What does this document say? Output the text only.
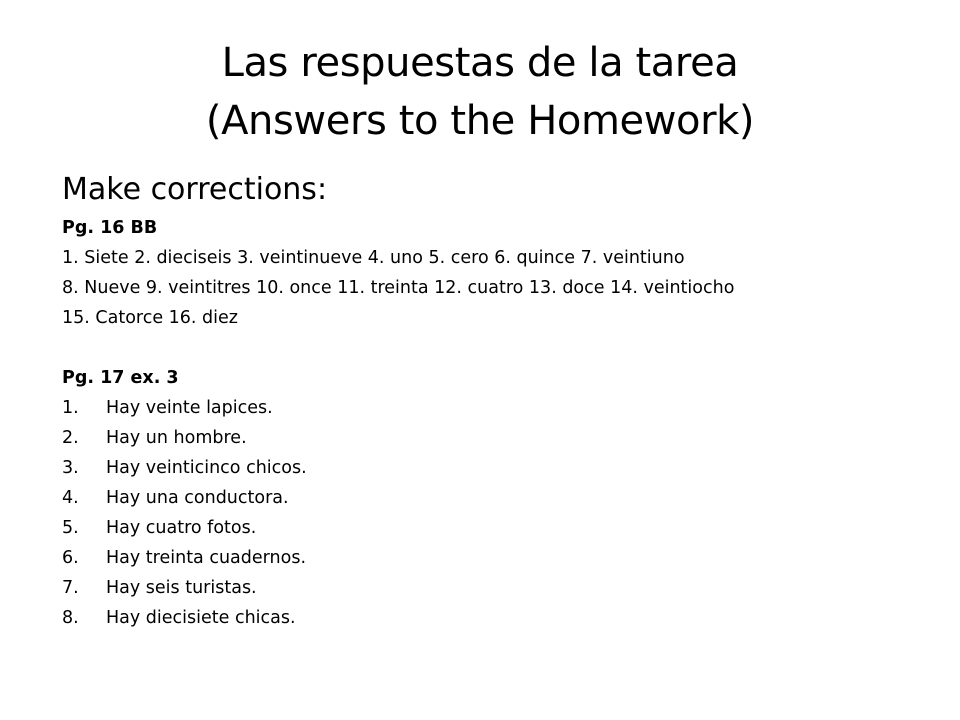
Las respuestas de la tarea
(Answers to the Homework)
Make corrections:
Pg. 16 BB
1. Siete 2. dieciseis 3. veintinueve 4. uno 5. cero 6. quince 7. veintiuno
8. Nueve 9. veintitres 10. once 11. treinta 12. cuatro 13. doce 14. veintiocho
15. Catorce 16. diez
Pg. 17 ex. 3
1.	Hay veinte lapices.
2.	Hay un hombre.
3.	Hay veinticinco chicos.
4.	Hay una conductora.
5.	Hay cuatro fotos.
6.	Hay treinta cuadernos.
7.	Hay seis turistas.
8.	Hay diecisiete chicas.
